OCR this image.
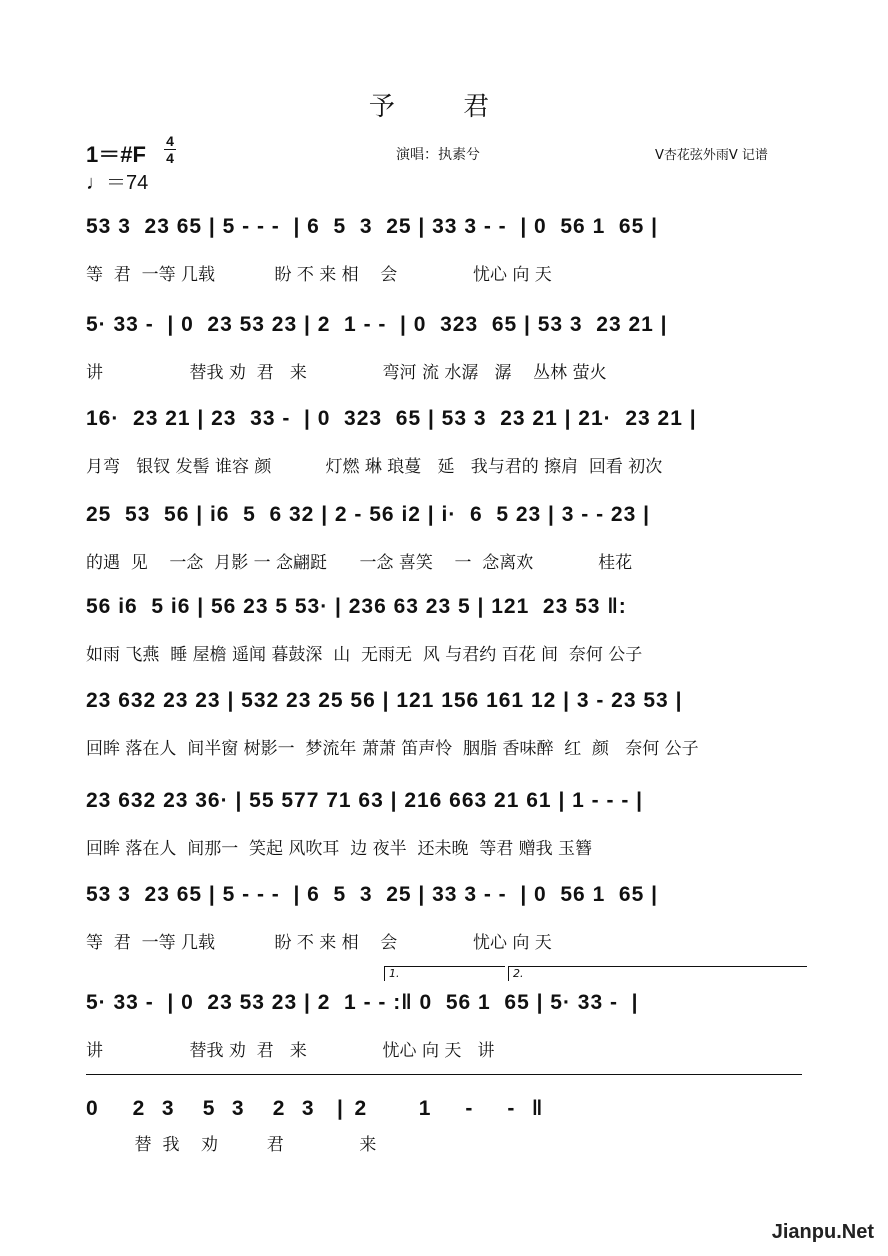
予 君
1＝#F
4
4
♩＝74
演唱：执素兮	V杏花弦外雨V 记谱
53 3  23 65 | 5 - - -  | 6  5  3  25 | 33 3 - -  | 0  56 1  65 |
等  君  一等 几载           盼 不 来 相    会              忧心 向 天
5· 33 -  | 0  23 53 23 | 2  1 - -  | 0  323  65 | 53 3  23 21 |
讲                替我 劝  君   来              弯河 流 水潺   潺    丛林 萤火
16·  23 21 | 23  33 -  | 0  323  65 | 53 3  23 21 | 21·  23 21 |
月弯   银钗 发髻 谁容 颜          灯燃 琳 琅蔓   延   我与君的 擦肩  回看 初次
25  53  56 | i6  5  6 32 | 2 - 56 i2 | i·  6  5 23 | 3 - - 23 |
的遇  见    一念  月影 一 念翩跹      一念 喜笑    一  念离欢            桂花
56 i6  5 i6 | 56 23 5 53· | 236 63 23 5 | 121  23 53 ‖:
如雨 飞燕  睡 屋檐 遥闻 暮鼓深  山  无雨无  风 与君约 百花 间  奈何 公子
23 632 23 23 | 532 23 25 56 | 121 156 161 12 | 3 - 23 53 |
回眸 落在人  间半窗 树影一  梦流年 萧萧 笛声怜  胭脂 香味醉  红  颜   奈何 公子
23 632 23 36· | 55 577 71 63 | 216 663 21 61 | 1 - - - |
回眸 落在人  间那一  笑起 风吹耳  边 夜半  还未晚  等君 赠我 玉簪
53 3  23 65 | 5 - - -  | 6  5  3  25 | 33 3 - -  | 0  56 1  65 |
等  君  一等 几载           盼 不 来 相    会              忧心 向 天
1.	2.
5· 33 -  | 0  23 53 23 | 2  1 - - :‖ 0  56 1  65 | 5· 33 -  |
讲                替我 劝  君   来              忧心 向 天   讲
0      2   3     5   3     2   3    |  2         1      -      -   ‖
替  我    劝         君              来
Jianpu.Net
